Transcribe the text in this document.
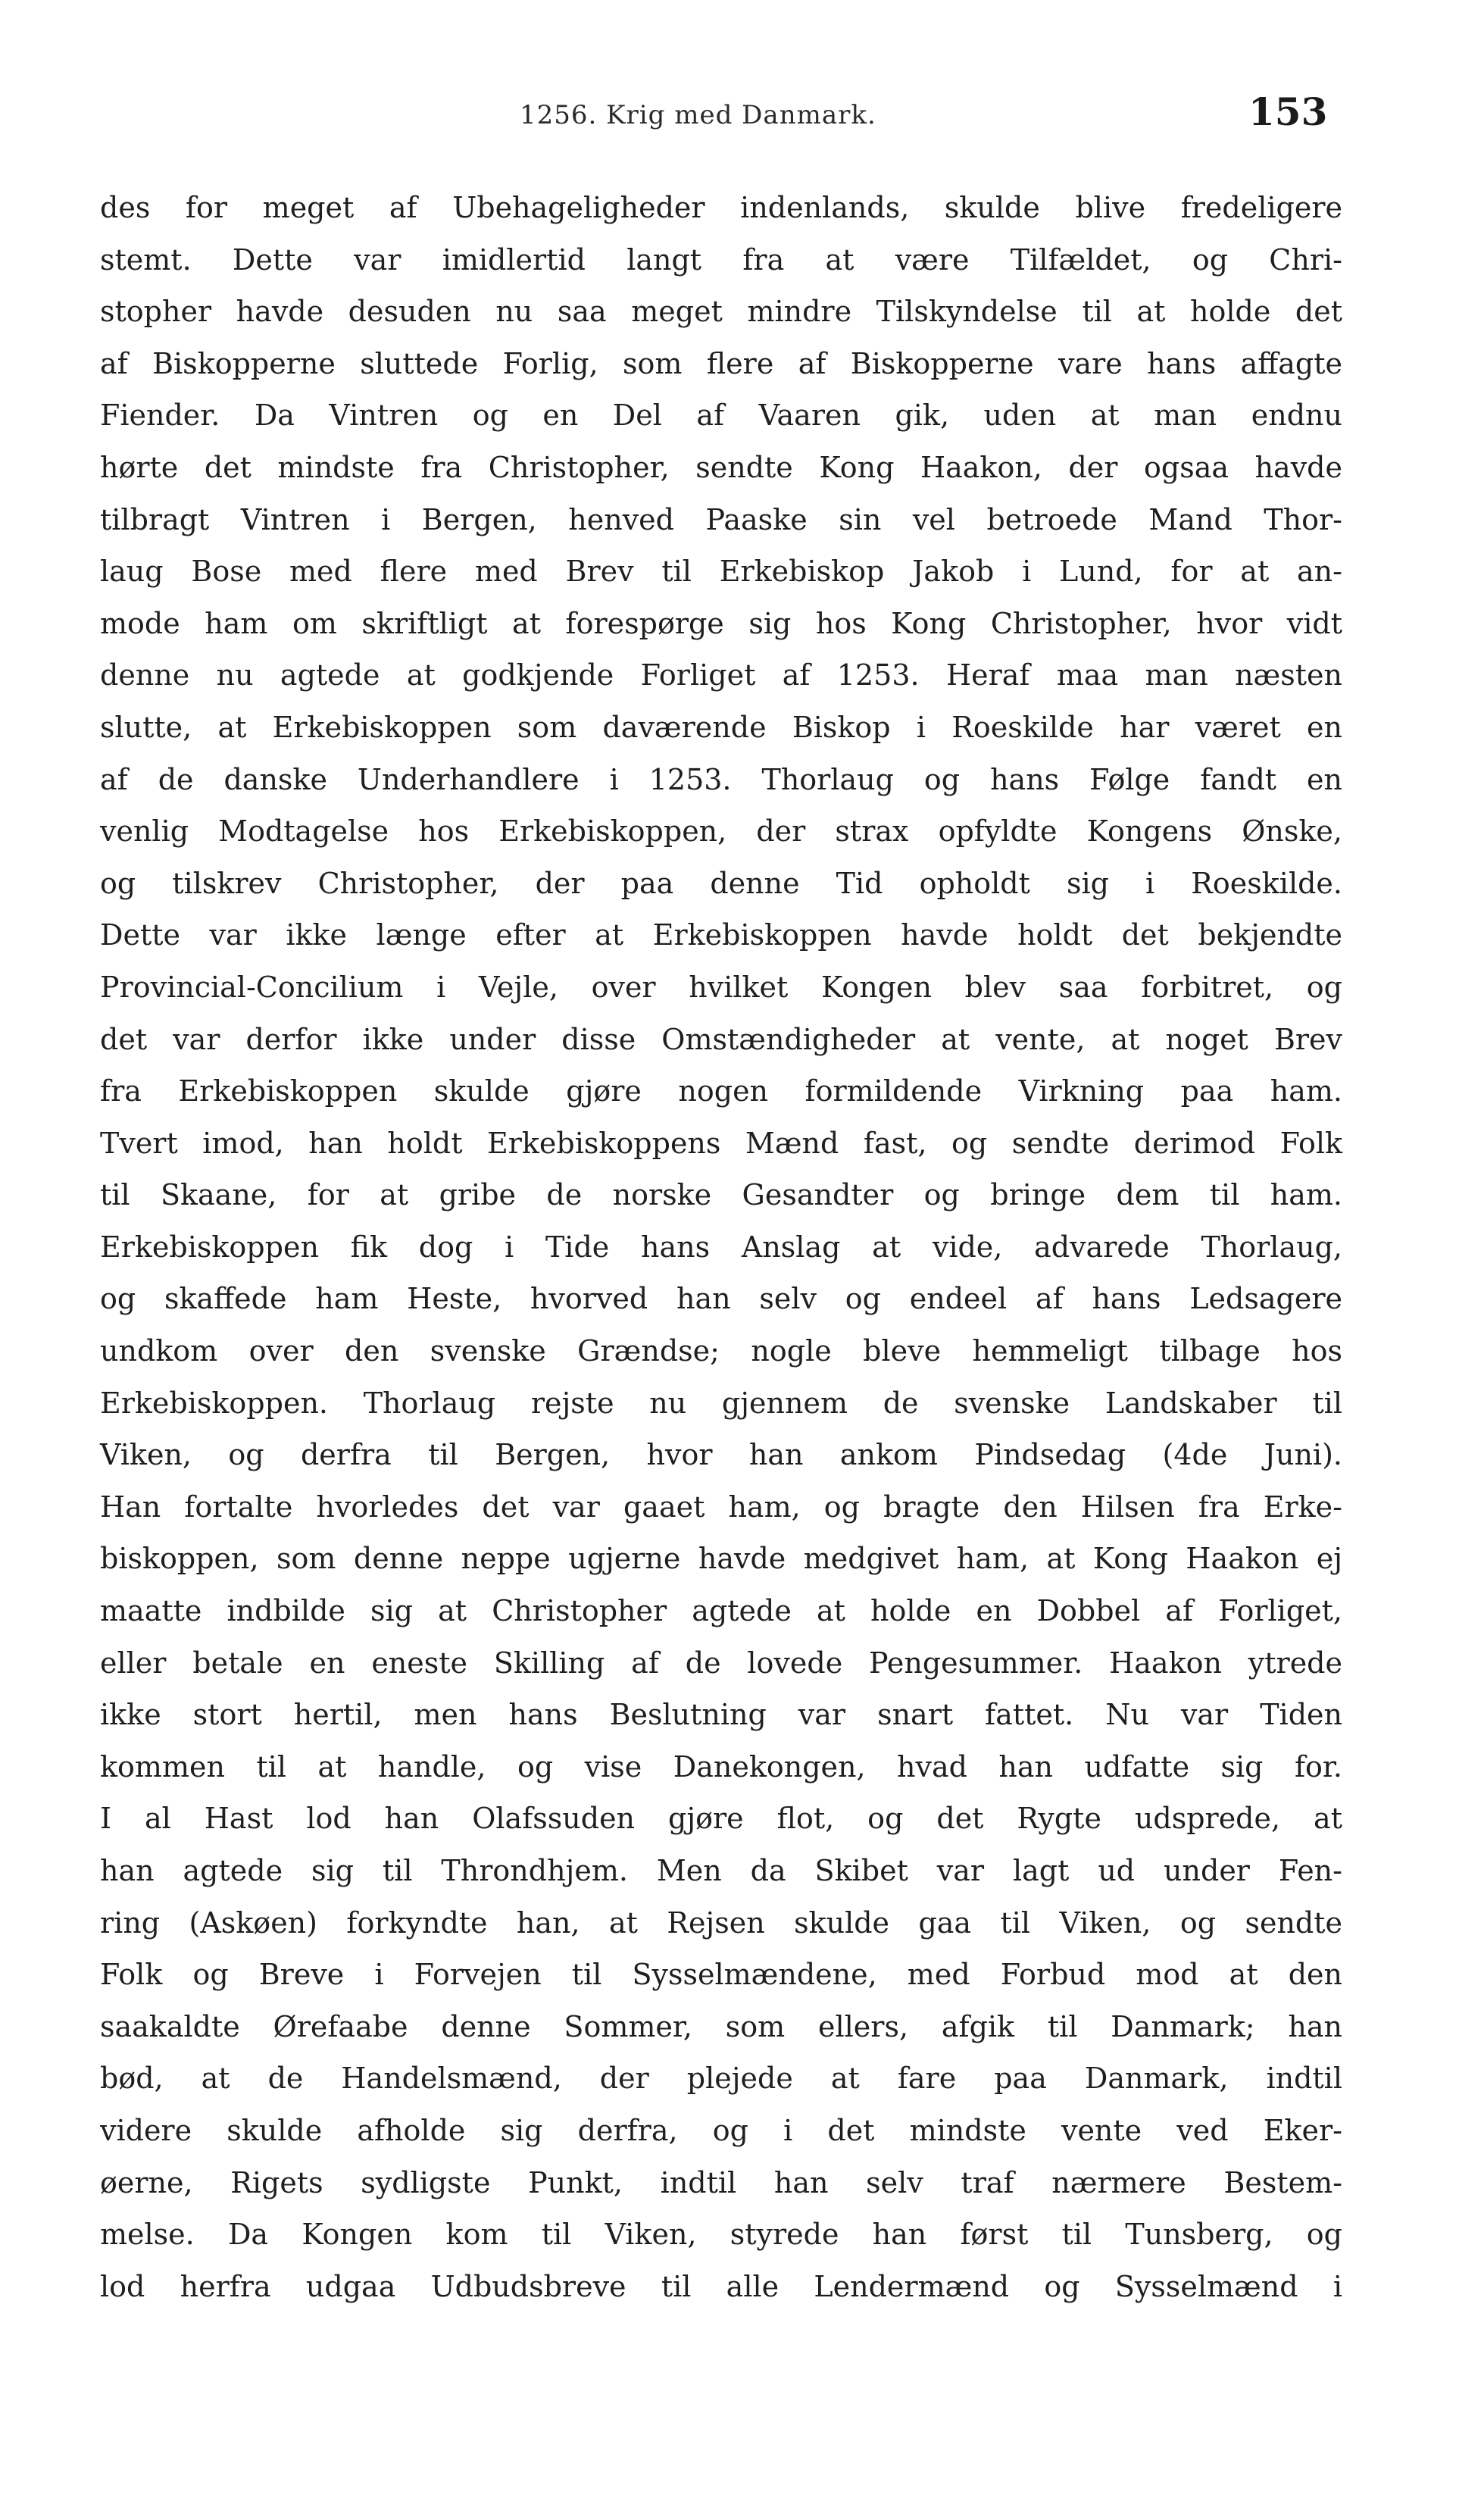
1256. Krig med Danmark.	153
des for meget af Ubehageligheder indenlands, skulde blive fredeligere
stemt. Dette var imidlertid langt fra at være Tilfældet, og Chri-
stopher havde desuden nu saa meget mindre Tilskyndelse til at holde det
af Biskopperne sluttede Forlig, som flere af Biskopperne vare hans affagte
Fiender. Da Vintren og en Del af Vaaren gik, uden at man endnu
hørte det mindste fra Christopher, sendte Kong Haakon, der ogsaa havde
tilbragt Vintren i Bergen, henved Paaske sin vel betroede Mand Thor-
laug Bose med flere med Brev til Erkebiskop Jakob i Lund, for at an-
mode ham om skriftligt at forespørge sig hos Kong Christopher, hvor vidt
denne nu agtede at godkjende Forliget af 1253. Heraf maa man næsten
slutte, at Erkebiskoppen som daværende Biskop i Roeskilde har været en
af de danske Underhandlere i 1253. Thorlaug og hans Følge fandt en
venlig Modtagelse hos Erkebiskoppen, der strax opfyldte Kongens Ønske,
og tilskrev Christopher, der paa denne Tid opholdt sig i Roeskilde.
Dette var ikke længe efter at Erkebiskoppen havde holdt det bekjendte
Provincial-Concilium i Vejle, over hvilket Kongen blev saa forbitret, og
det var derfor ikke under disse Omstændigheder at vente, at noget Brev
fra Erkebiskoppen skulde gjøre nogen formildende Virkning paa ham.
Tvert imod, han holdt Erkebiskoppens Mænd fast, og sendte derimod Folk
til Skaane, for at gribe de norske Gesandter og bringe dem til ham.
Erkebiskoppen fik dog i Tide hans Anslag at vide, advarede Thorlaug,
og skaffede ham Heste, hvorved han selv og endeel af hans Ledsagere
undkom over den svenske Grændse; nogle bleve hemmeligt tilbage hos
Erkebiskoppen. Thorlaug rejste nu gjennem de svenske Landskaber til
Viken, og derfra til Bergen, hvor han ankom Pindsedag (4de Juni).
Han fortalte hvorledes det var gaaet ham, og bragte den Hilsen fra Erke-
biskoppen, som denne neppe ugjerne havde medgivet ham, at Kong Haakon ej
maatte indbilde sig at Christopher agtede at holde en Dobbel af Forliget,
eller betale en eneste Skilling af de lovede Pengesummer. Haakon ytrede
ikke stort hertil, men hans Beslutning var snart fattet. Nu var Tiden
kommen til at handle, og vise Danekongen, hvad han udfatte sig for.
I al Hast lod han Olafssuden gjøre flot, og det Rygte udsprede, at
han agtede sig til Throndhjem. Men da Skibet var lagt ud under Fen-
ring (Askøen) forkyndte han, at Rejsen skulde gaa til Viken, og sendte
Folk og Breve i Forvejen til Sysselmændene, med Forbud mod at den
saakaldte Ørefaabe denne Sommer, som ellers, afgik til Danmark; han
bød, at de Handelsmænd, der plejede at fare paa Danmark, indtil
videre skulde afholde sig derfra, og i det mindste vente ved Eker-
øerne, Rigets sydligste Punkt, indtil han selv traf nærmere Bestem-
melse. Da Kongen kom til Viken, styrede han først til Tunsberg, og
lod herfra udgaa Udbudsbreve til alle Lendermænd og Sysselmænd i
